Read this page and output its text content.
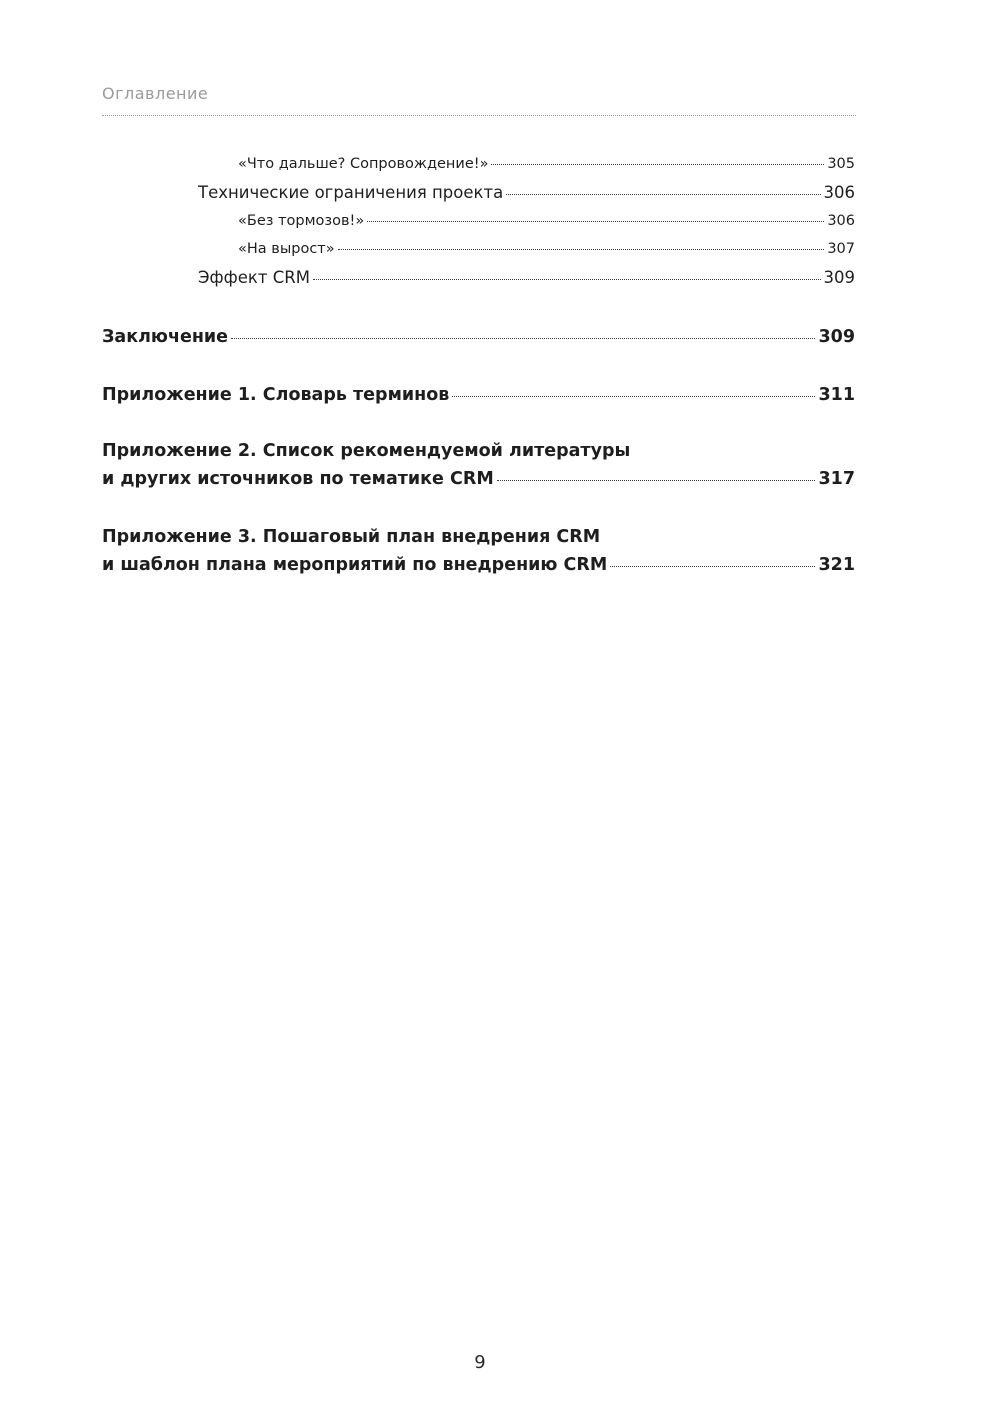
Оглавление
«Что дальше? Сопровождение!»	305
Технические ограничения проекта	306
«Без тормозов!»	306
«На вырост»	307
Эффект CRM	309
Заключение	309
Приложение 1. Словарь терминов	311
Приложение 2. Список рекомендуемой литературы
и других источников по тематике CRM	317
Приложение 3. Пошаговый план внедрения CRM
и шаблон плана мероприятий по внедрению CRM	321
9
